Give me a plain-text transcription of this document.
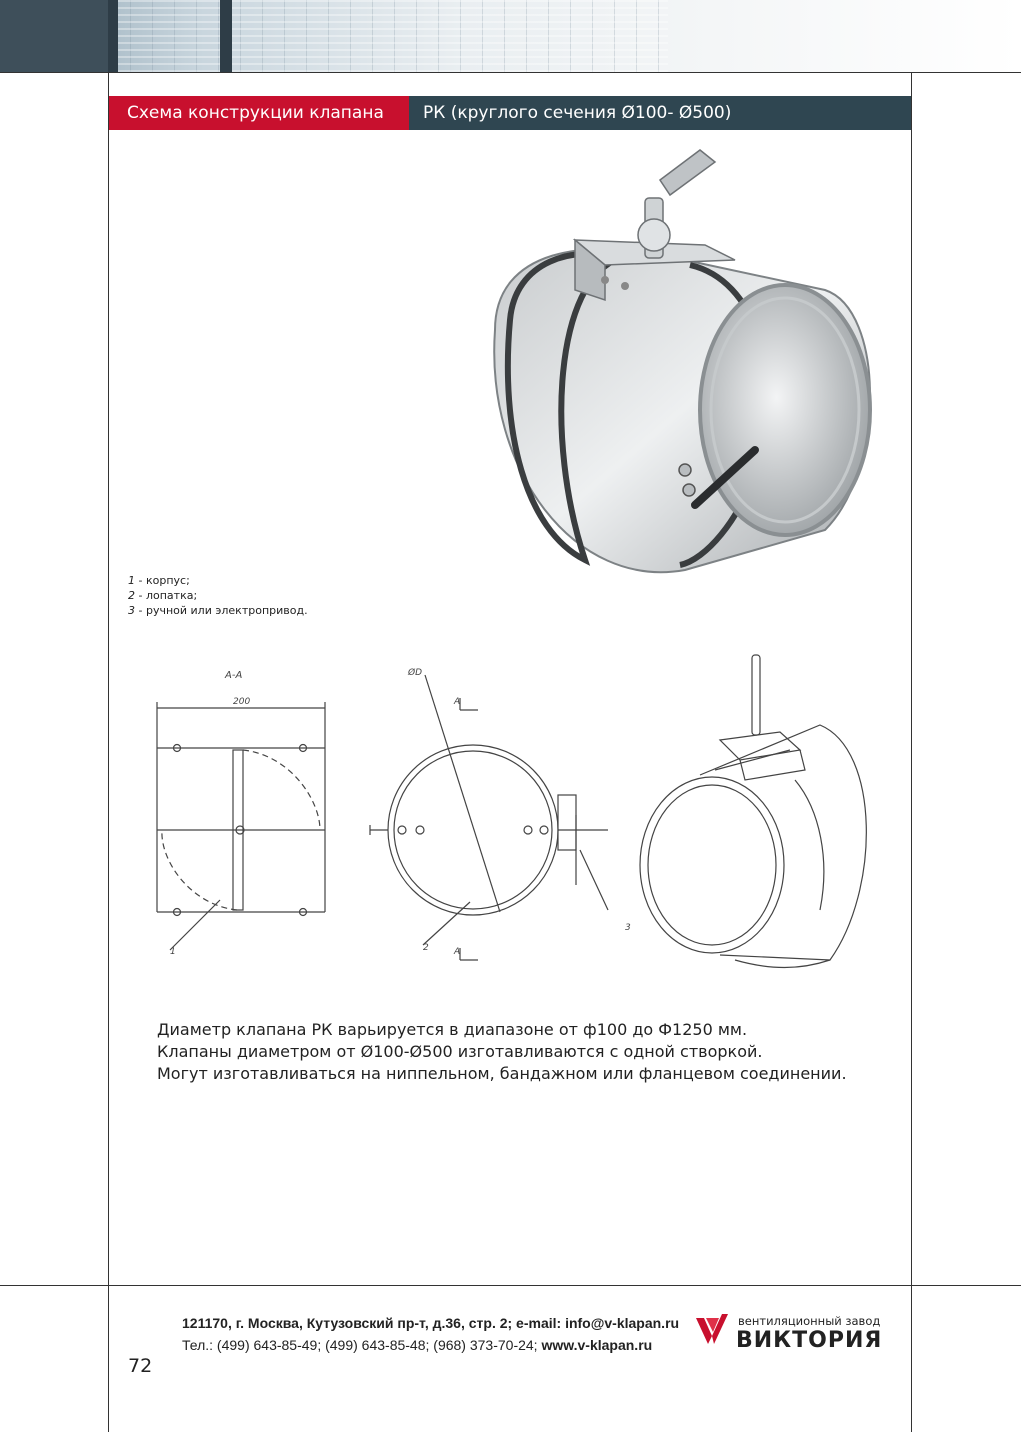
Схема конструкции клапана	РК (круглого сечения Ø100- Ø500)
1 - корпус;
2 - лопатка;
3 - ручной или электропривод.
А-А
200
1
ØD
А
А
2
3
Диаметр клапана РК варьируется в диапазоне от ф100 до Ф1250 мм.
Клапаны диаметром от Ø100-Ø500 изготавливаются с одной створкой.
Могут изготавливаться на ниппельном, бандажном или фланцевом соединении.
72
121170, г. Москва, Кутузовский пр-т, д.36, стр. 2; e-mail: info@v-klapan.ru
Тел.: (499) 643-85-49; (499) 643-85-48; (968) 373-70-24; www.v-klapan.ru
вентиляционный завод
ВИКТОРИЯ
